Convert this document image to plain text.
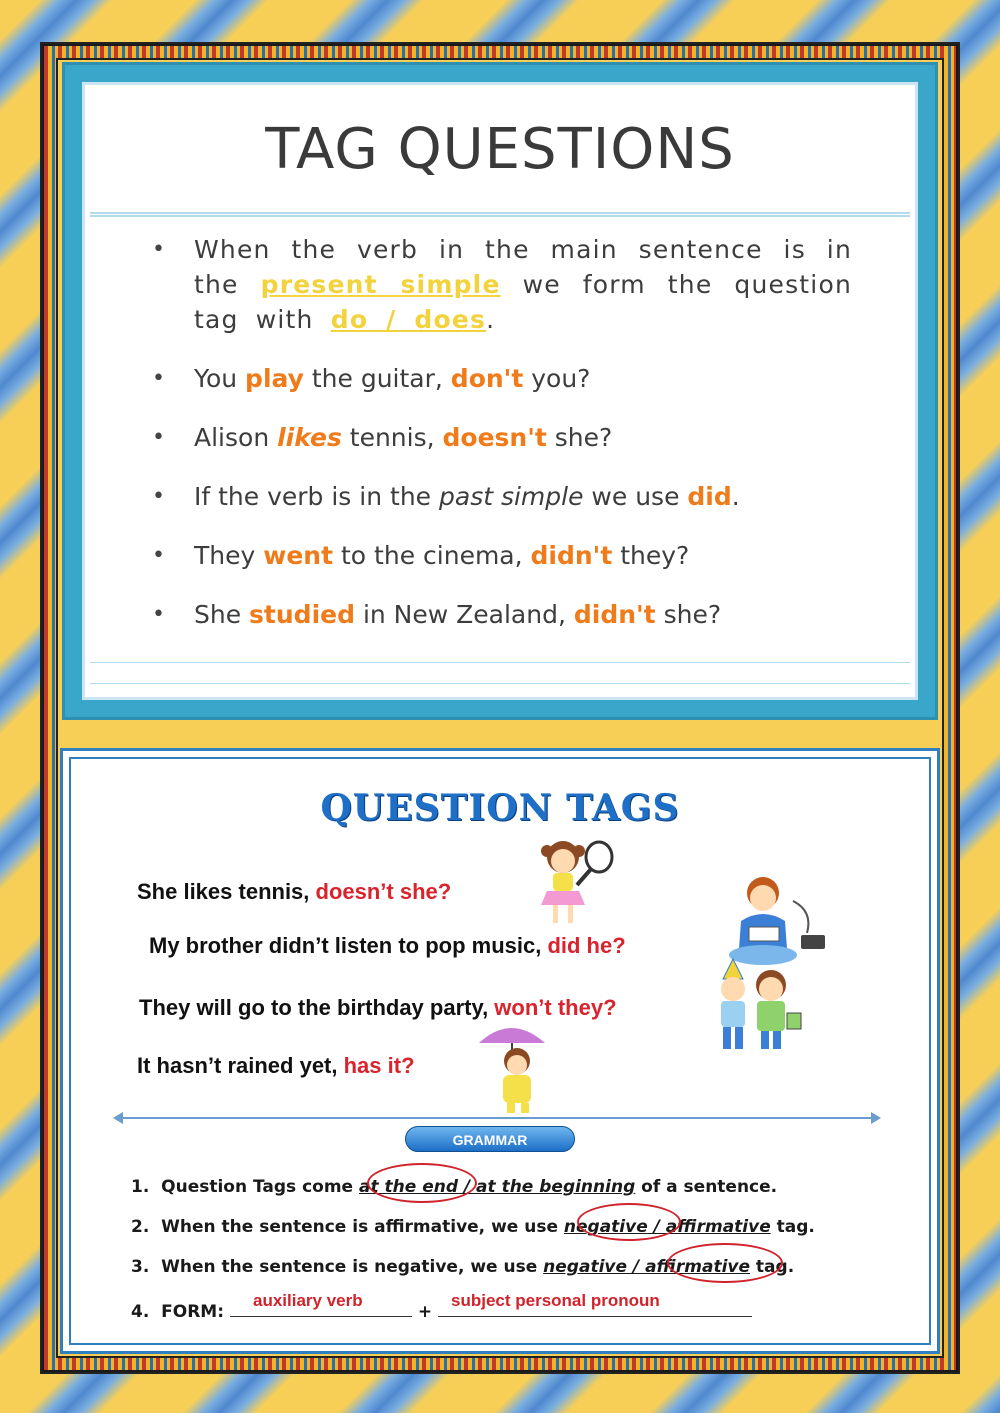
TAG QUESTIONS
• When the verb in the main sentence is in the present simple we form the question tag with do / does.
• You play the guitar, don't you?
• Alison likes tennis, doesn't she?
• If the verb is in the past simple we use did.
• They went to the cinema, didn't they?
• She studied in New Zealand, didn't she?
QUESTION TAGS
She likes tennis, doesn’t she?
My brother didn’t listen to pop music, did he?
They will go to the birthday party, won’t they?
It hasn’t rained yet, has it?
GRAMMAR
1. Question Tags come at the end / at the beginning of a sentence.
2. When the sentence is affirmative, we use negative / affirmative tag.
3. When the sentence is negative, we use negative / affirmative tag.
4. FORM:	+
auxiliary verb	subject personal pronoun
